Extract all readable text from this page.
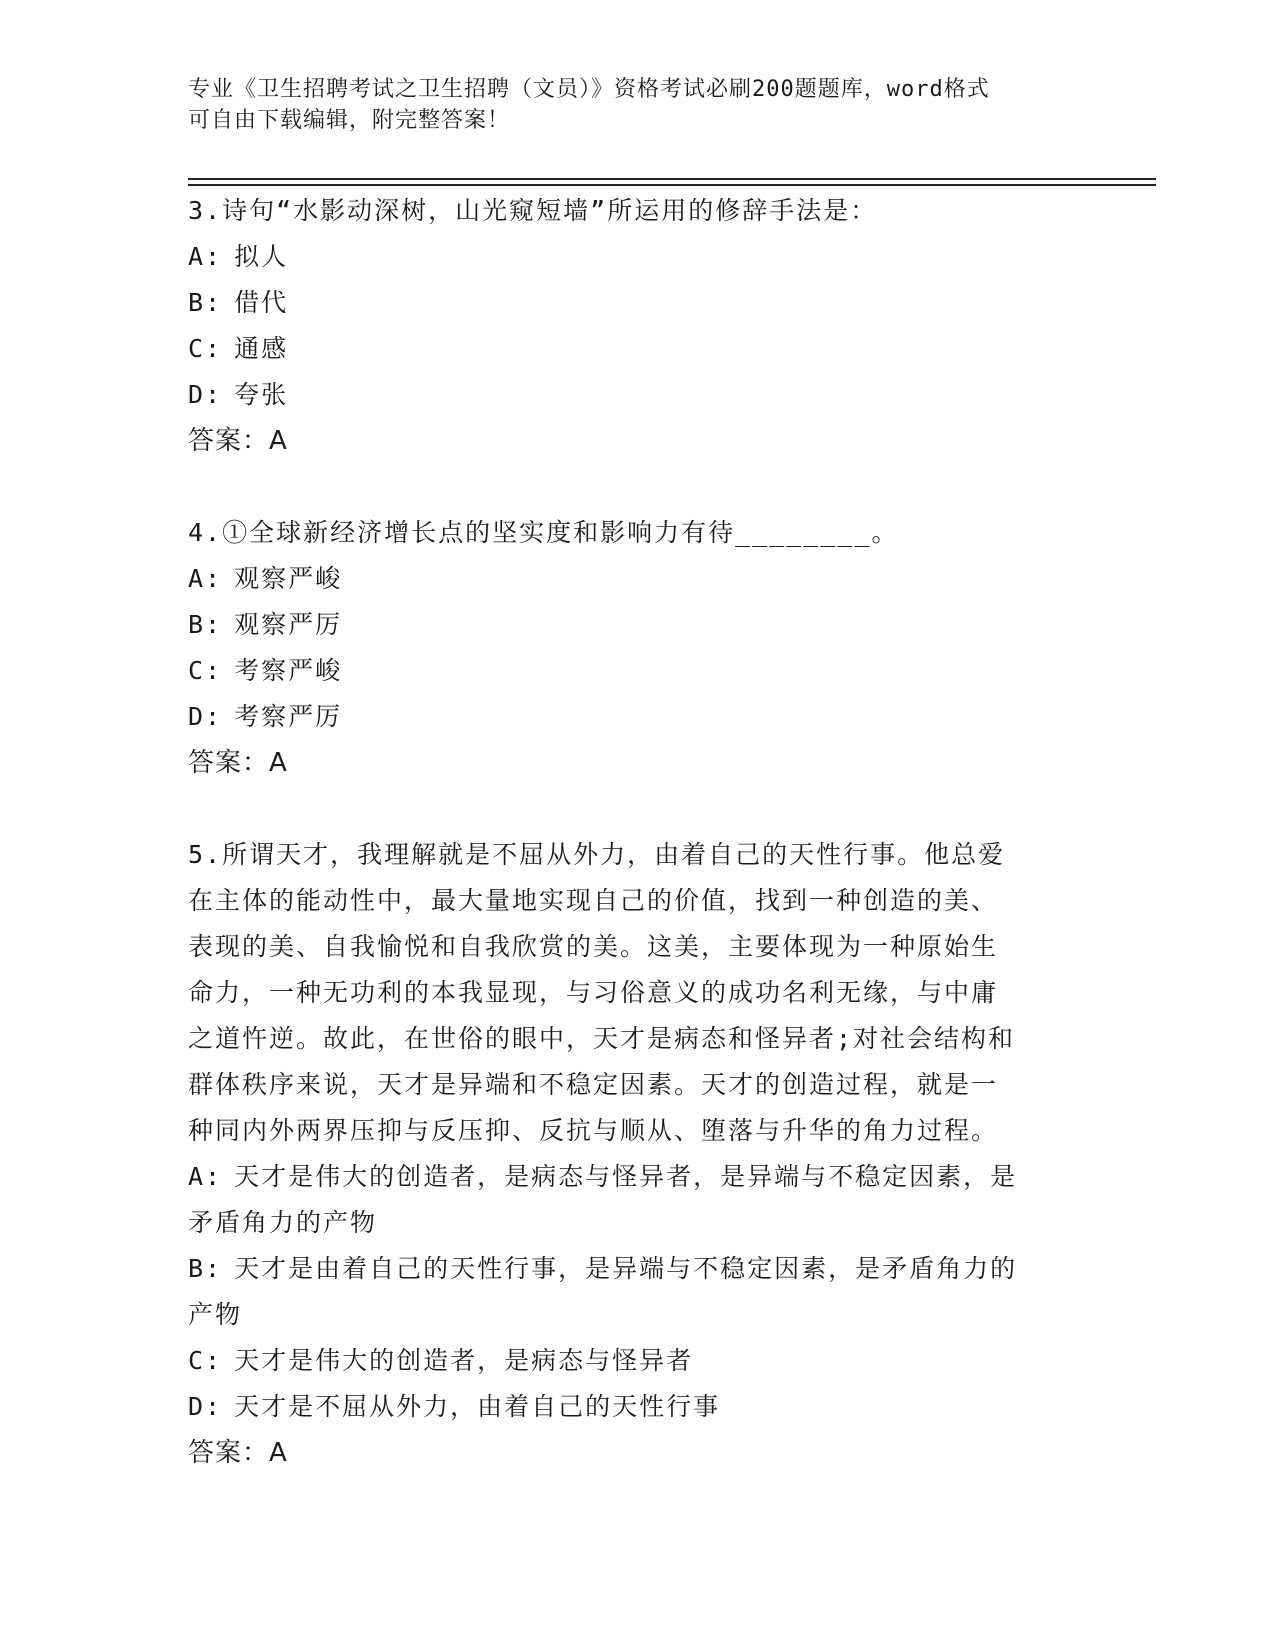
专业《卫生招聘考试之卫生招聘（文员）》资格考试必刷200题题库，word格式
可自由下载编辑，附完整答案！

3.诗句“水影动深树，山光窥短墙”所运用的修辞手法是：

A: 拟人

B: 借代

C: 通感

D: 夸张

答案：A

4.①全球新经济增长点的坚实度和影响力有待________。

A: 观察严峻

B: 观察严厉

C: 考察严峻

D: 考察严厉

答案：A

5.所谓天才，我理解就是不屈从外力，由着自己的天性行事。他总爱

在主体的能动性中，最大量地实现自己的价值，找到一种创造的美、

表现的美、自我愉悦和自我欣赏的美。这美，主要体现为一种原始生

命力，一种无功利的本我显现，与习俗意义的成功名利无缘，与中庸

之道忤逆。故此，在世俗的眼中，天才是病态和怪异者;对社会结构和

群体秩序来说，天才是异端和不稳定因素。天才的创造过程，就是一

种同内外两界压抑与反压抑、反抗与顺从、堕落与升华的角力过程。

A: 天才是伟大的创造者，是病态与怪异者，是异端与不稳定因素，是

矛盾角力的产物

B: 天才是由着自己的天性行事，是异端与不稳定因素，是矛盾角力的

产物

C: 天才是伟大的创造者，是病态与怪异者

D: 天才是不屈从外力，由着自己的天性行事

答案：A
